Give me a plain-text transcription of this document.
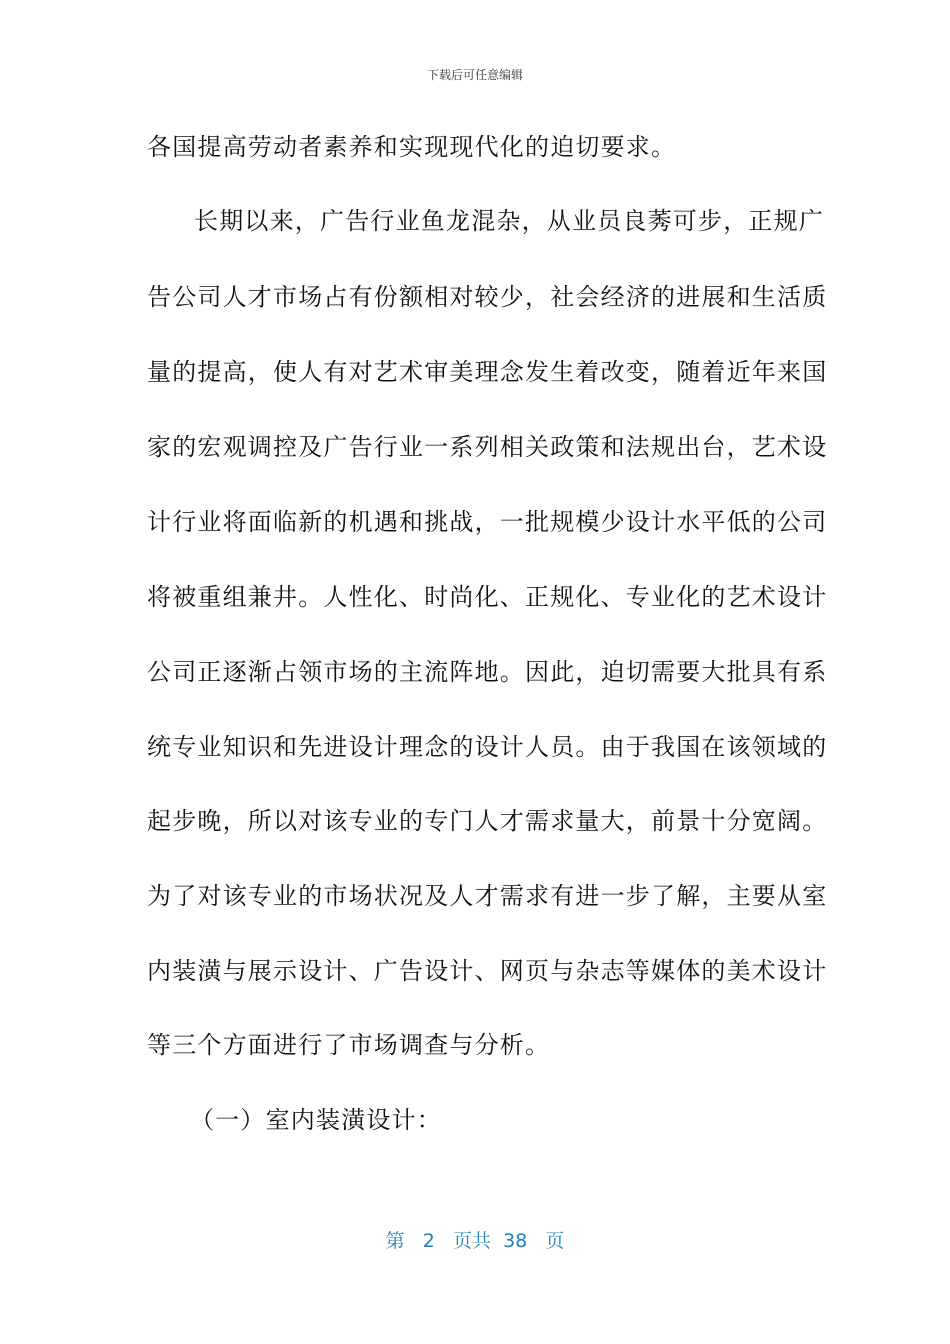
下载后可任意编辑
各国提高劳动者素养和实现现代化的迫切要求。
长期以来，广告行业鱼龙混杂，从业员良莠可步，正规广
告公司人才市场占有份额相对较少，社会经济的进展和生活质
量的提高，使人有对艺术审美理念发生着改变，随着近年来国
家的宏观调控及广告行业一系列相关政策和法规出台，艺术设
计行业将面临新的机遇和挑战，一批规模少设计水平低的公司
将被重组兼井。人性化、时尚化、正规化、专业化的艺术设计
公司正逐渐占领市场的主流阵地。因此，迫切需要大批具有系
统专业知识和先进设计理念的设计人员。由于我国在该领域的
起步晚，所以对该专业的专门人才需求量大，前景十分宽阔。
为了对该专业的市场状况及人才需求有进一步了解，主要从室
内装潢与展示设计、广告设计、网页与杂志等媒体的美术设计
等三个方面进行了市场调查与分析。
（一）室内装潢设计：
第 2 页共 38 页
